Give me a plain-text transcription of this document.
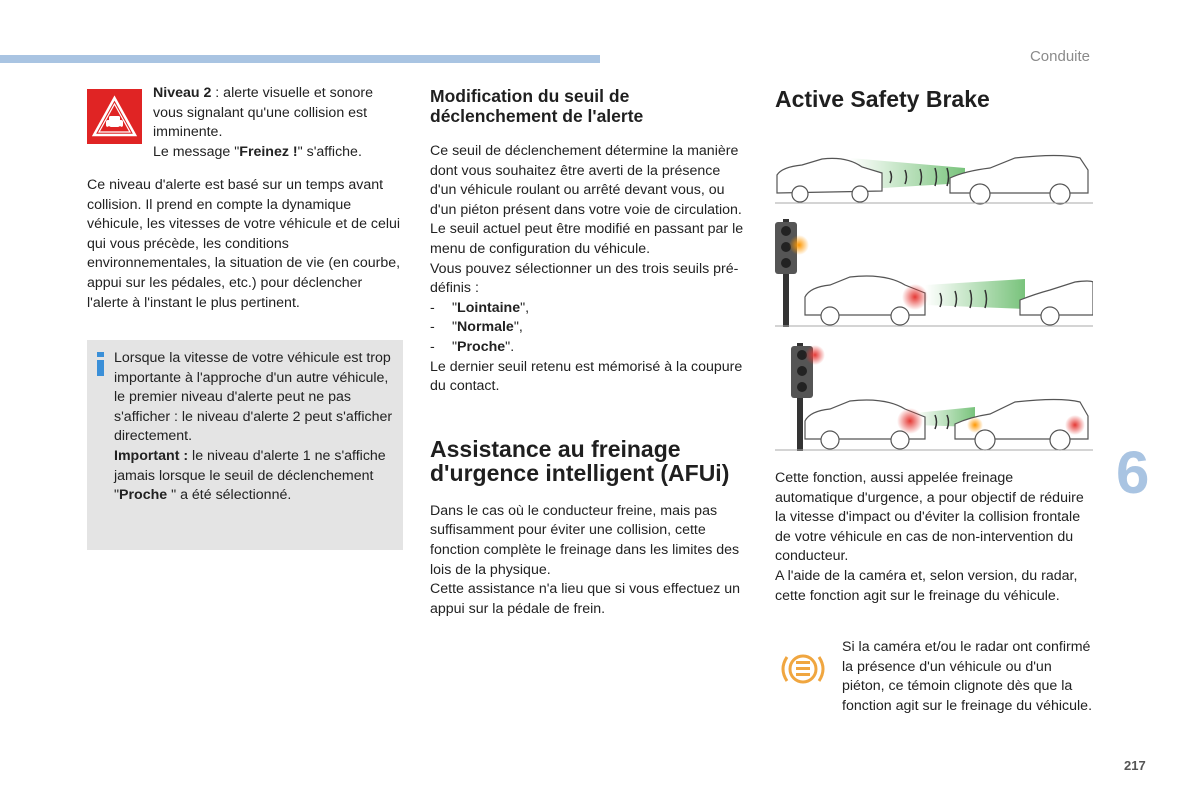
Conduite

Niveau 2 : alerte visuelle et sonore vous signalant qu'une collision est imminente.

Le message "Freinez !" s'affiche.

Ce niveau d'alerte est basé sur un temps avant collision. Il prend en compte la dynamique véhicule, les vitesses de votre véhicule et de celui qui vous précède, les conditions environnementales, la situation de vie (en courbe, appui sur les pédales, etc.) pour déclencher l'alerte à l'instant le plus pertinent.

Lorsque la vitesse de votre véhicule est trop importante à l'approche d'un autre véhicule, le premier niveau d'alerte peut ne pas s'afficher : le niveau d'alerte 2 peut s'afficher directement.

Important : le niveau d'alerte 1 ne s'affiche jamais lorsque le seuil de déclenchement "Proche " a été sélectionné.

Modification du seuil de déclenchement de l'alerte

Ce seuil de déclenchement détermine la manière dont vous souhaitez être averti de la présence d'un véhicule roulant ou arrêté devant vous, ou d'un piéton présent dans votre voie de circulation.

Le seuil actuel peut être modifié en passant par le menu de configuration du véhicule.

Vous pouvez sélectionner un des trois seuils pré-définis :

-	"Lointaine",
-	"Normale",
-	"Proche".

Le dernier seuil retenu est mémorisé à la coupure du contact.

Assistance au freinage d'urgence intelligent (AFUi)

Dans le cas où le conducteur freine, mais pas suffisamment pour éviter une collision, cette fonction complète le freinage dans les limites des lois de la physique.

Cette assistance n'a lieu que si vous effectuez un appui sur la pédale de frein.

Active Safety Brake

Cette fonction, aussi appelée freinage automatique d'urgence, a pour objectif de réduire la vitesse d'impact ou d'éviter la collision frontale de votre véhicule en cas de non-intervention du conducteur.

A l'aide de la caméra et, selon version, du radar, cette fonction agit sur le freinage du véhicule.

Si la caméra et/ou le radar ont confirmé la présence d'un véhicule ou d'un piéton, ce témoin clignote dès que la fonction agit sur le freinage du véhicule.

6
217
